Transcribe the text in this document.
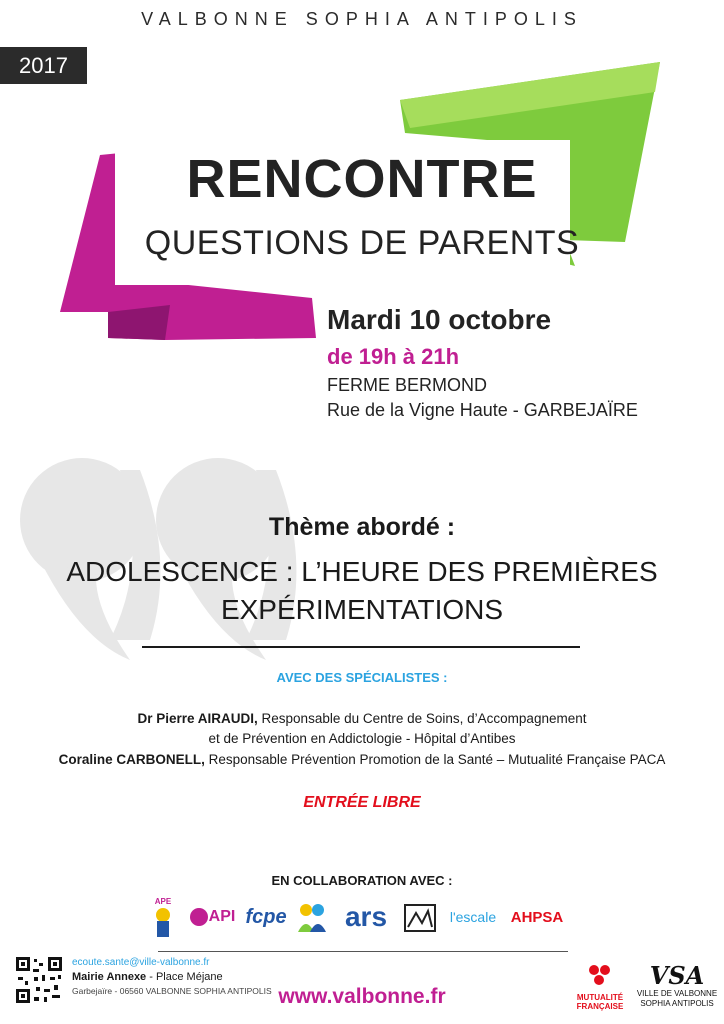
VALBONNE SOPHIA ANTIPOLIS
2017
RENCONTRE
QUESTIONS DE PARENTS
Mardi 10 octobre
de 19h à 21h
FERME BERMOND
Rue de la Vigne Haute - GARBEJAÏRE
Thème abordé :
ADOLESCENCE : L’HEURE DES PREMIÈRES
EXPÉRIMENTATIONS
AVEC DES SPÉCIALISTES :
Dr Pierre AIRAUDI, Responsable du Centre de Soins, d’Accompagnement
et de Prévention en Addictologie - Hôpital d’Antibes
Coraline CARBONELL, Responsable Prévention Promotion de la Santé – Mutualité Française PACA
ENTRÉE LIBRE
EN COLLABORATION AVEC :
APE
API fcpe ars	l'escale AHPSA
ecoute.sante@ville-valbonne.fr
Mairie Annexe - Place Méjane
Garbejaïre - 06560 VALBONNE SOPHIA ANTIPOLIS www.valbonne.fr	MUTUALITÉ
FRANÇAISE
VSA
VILLE DE VALBONNE
SOPHIA ANTIPOLIS
